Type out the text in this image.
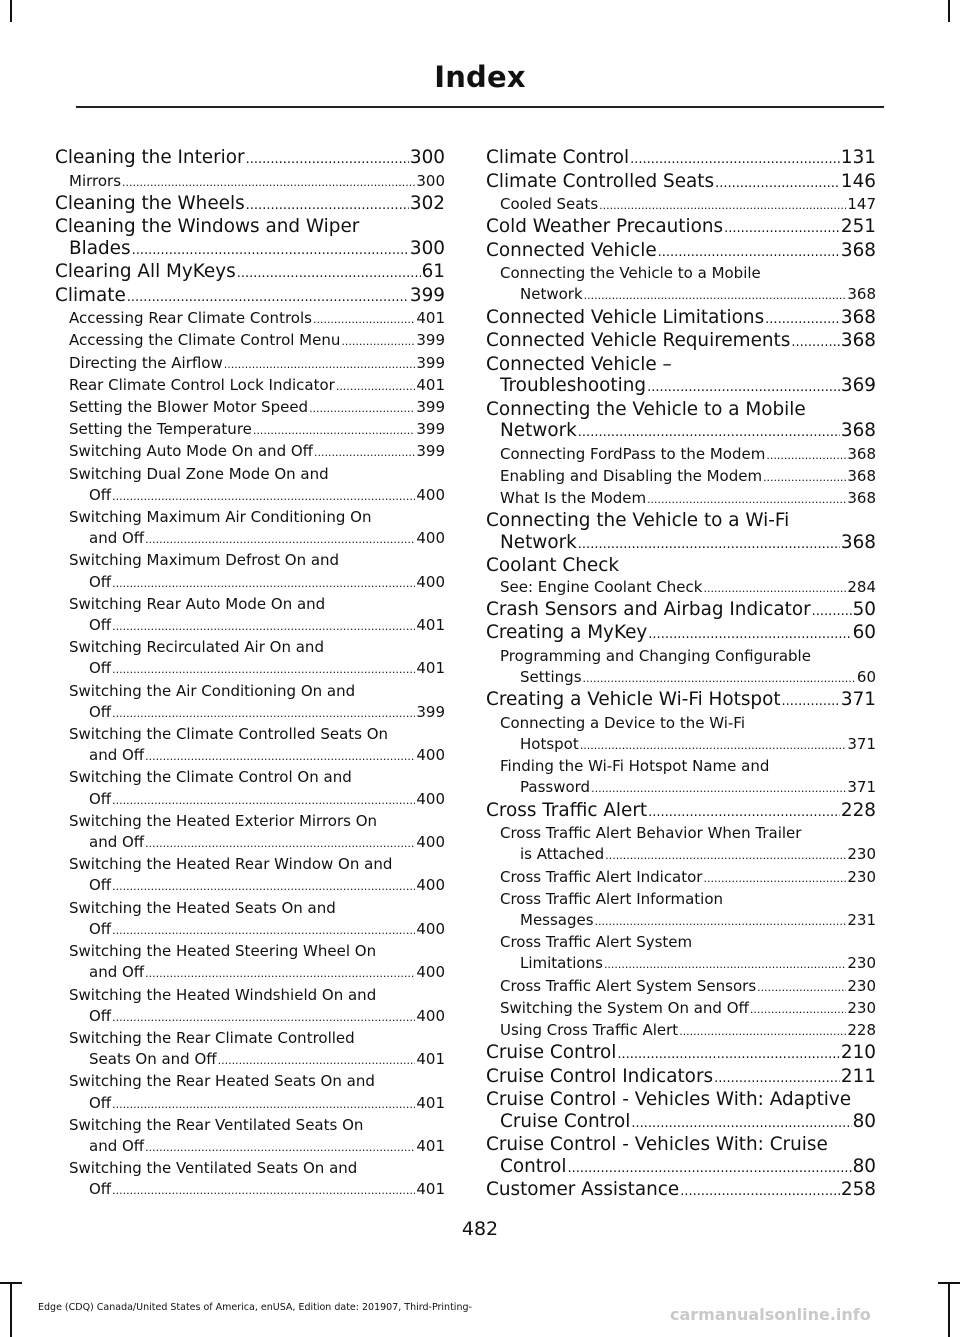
Index
Cleaning the Interior .....	300
Mirrors .....	300
Cleaning the Wheels .....	302
Cleaning the Windows and Wiper
Blades .....	300
Clearing All MyKeys .....	61
Climate .....	399
Accessing Rear Climate Controls .....	401
Accessing the Climate Control Menu .....	399
Directing the Airflow .....	399
Rear Climate Control Lock Indicator .....	401
Setting the Blower Motor Speed .....	399
Setting the Temperature .....	399
Switching Auto Mode On and Off .....	399
Switching Dual Zone Mode On and
Off .....	400
Switching Maximum Air Conditioning On
and Off .....	400
Switching Maximum Defrost On and
Off .....	400
Switching Rear Auto Mode On and
Off .....	401
Switching Recirculated Air On and
Off .....	401
Switching the Air Conditioning On and
Off .....	399
Switching the Climate Controlled Seats On
and Off .....	400
Switching the Climate Control On and
Off .....	400
Switching the Heated Exterior Mirrors On
and Off .....	400
Switching the Heated Rear Window On and
Off .....	400
Switching the Heated Seats On and
Off .....	400
Switching the Heated Steering Wheel On
and Off .....	400
Switching the Heated Windshield On and
Off .....	400
Switching the Rear Climate Controlled
Seats On and Off .....	401
Switching the Rear Heated Seats On and
Off .....	401
Switching the Rear Ventilated Seats On
and Off .....	401
Switching the Ventilated Seats On and
Off .....	401
Climate Control .....	131
Climate Controlled Seats .....	146
Cooled Seats .....	147
Cold Weather Precautions .....	251
Connected Vehicle .....	368
Connecting the Vehicle to a Mobile
Network .....	368
Connected Vehicle Limitations .....	368
Connected Vehicle Requirements .....	368
Connected Vehicle –
Troubleshooting .....	369
Connecting the Vehicle to a Mobile
Network .....	368
Connecting FordPass to the Modem .....	368
Enabling and Disabling the Modem .....	368
What Is the Modem .....	368
Connecting the Vehicle to a Wi-Fi
Network .....	368
Coolant Check
See: Engine Coolant Check .....	284
Crash Sensors and Airbag Indicator ..... 50
Creating a MyKey .....	60
Programming and Changing Configurable
Settings .....	60
Creating a Vehicle Wi-Fi Hotspot .....	371
Connecting a Device to the Wi-Fi
Hotspot .....	371
Finding the Wi-Fi Hotspot Name and
Password .....	371
Cross Traffic Alert .....	228
Cross Traffic Alert Behavior When Trailer
is Attached .....	230
Cross Traffic Alert Indicator .....	230
Cross Traffic Alert Information
Messages .....	231
Cross Traffic Alert System
Limitations .....	230
Cross Traffic Alert System Sensors .....	230
Switching the System On and Off .....	230
Using Cross Traffic Alert .....	228
Cruise Control .....	210
Cruise Control Indicators .....	211
Cruise Control - Vehicles With: Adaptive
Cruise Control .....	80
Cruise Control - Vehicles With: Cruise
Control .....	80
Customer Assistance .....	258
482
Edge (CDQ) Canada/United States of America, enUSA, Edition date: 201907, Third-Printing-	carmanualsonline.info
